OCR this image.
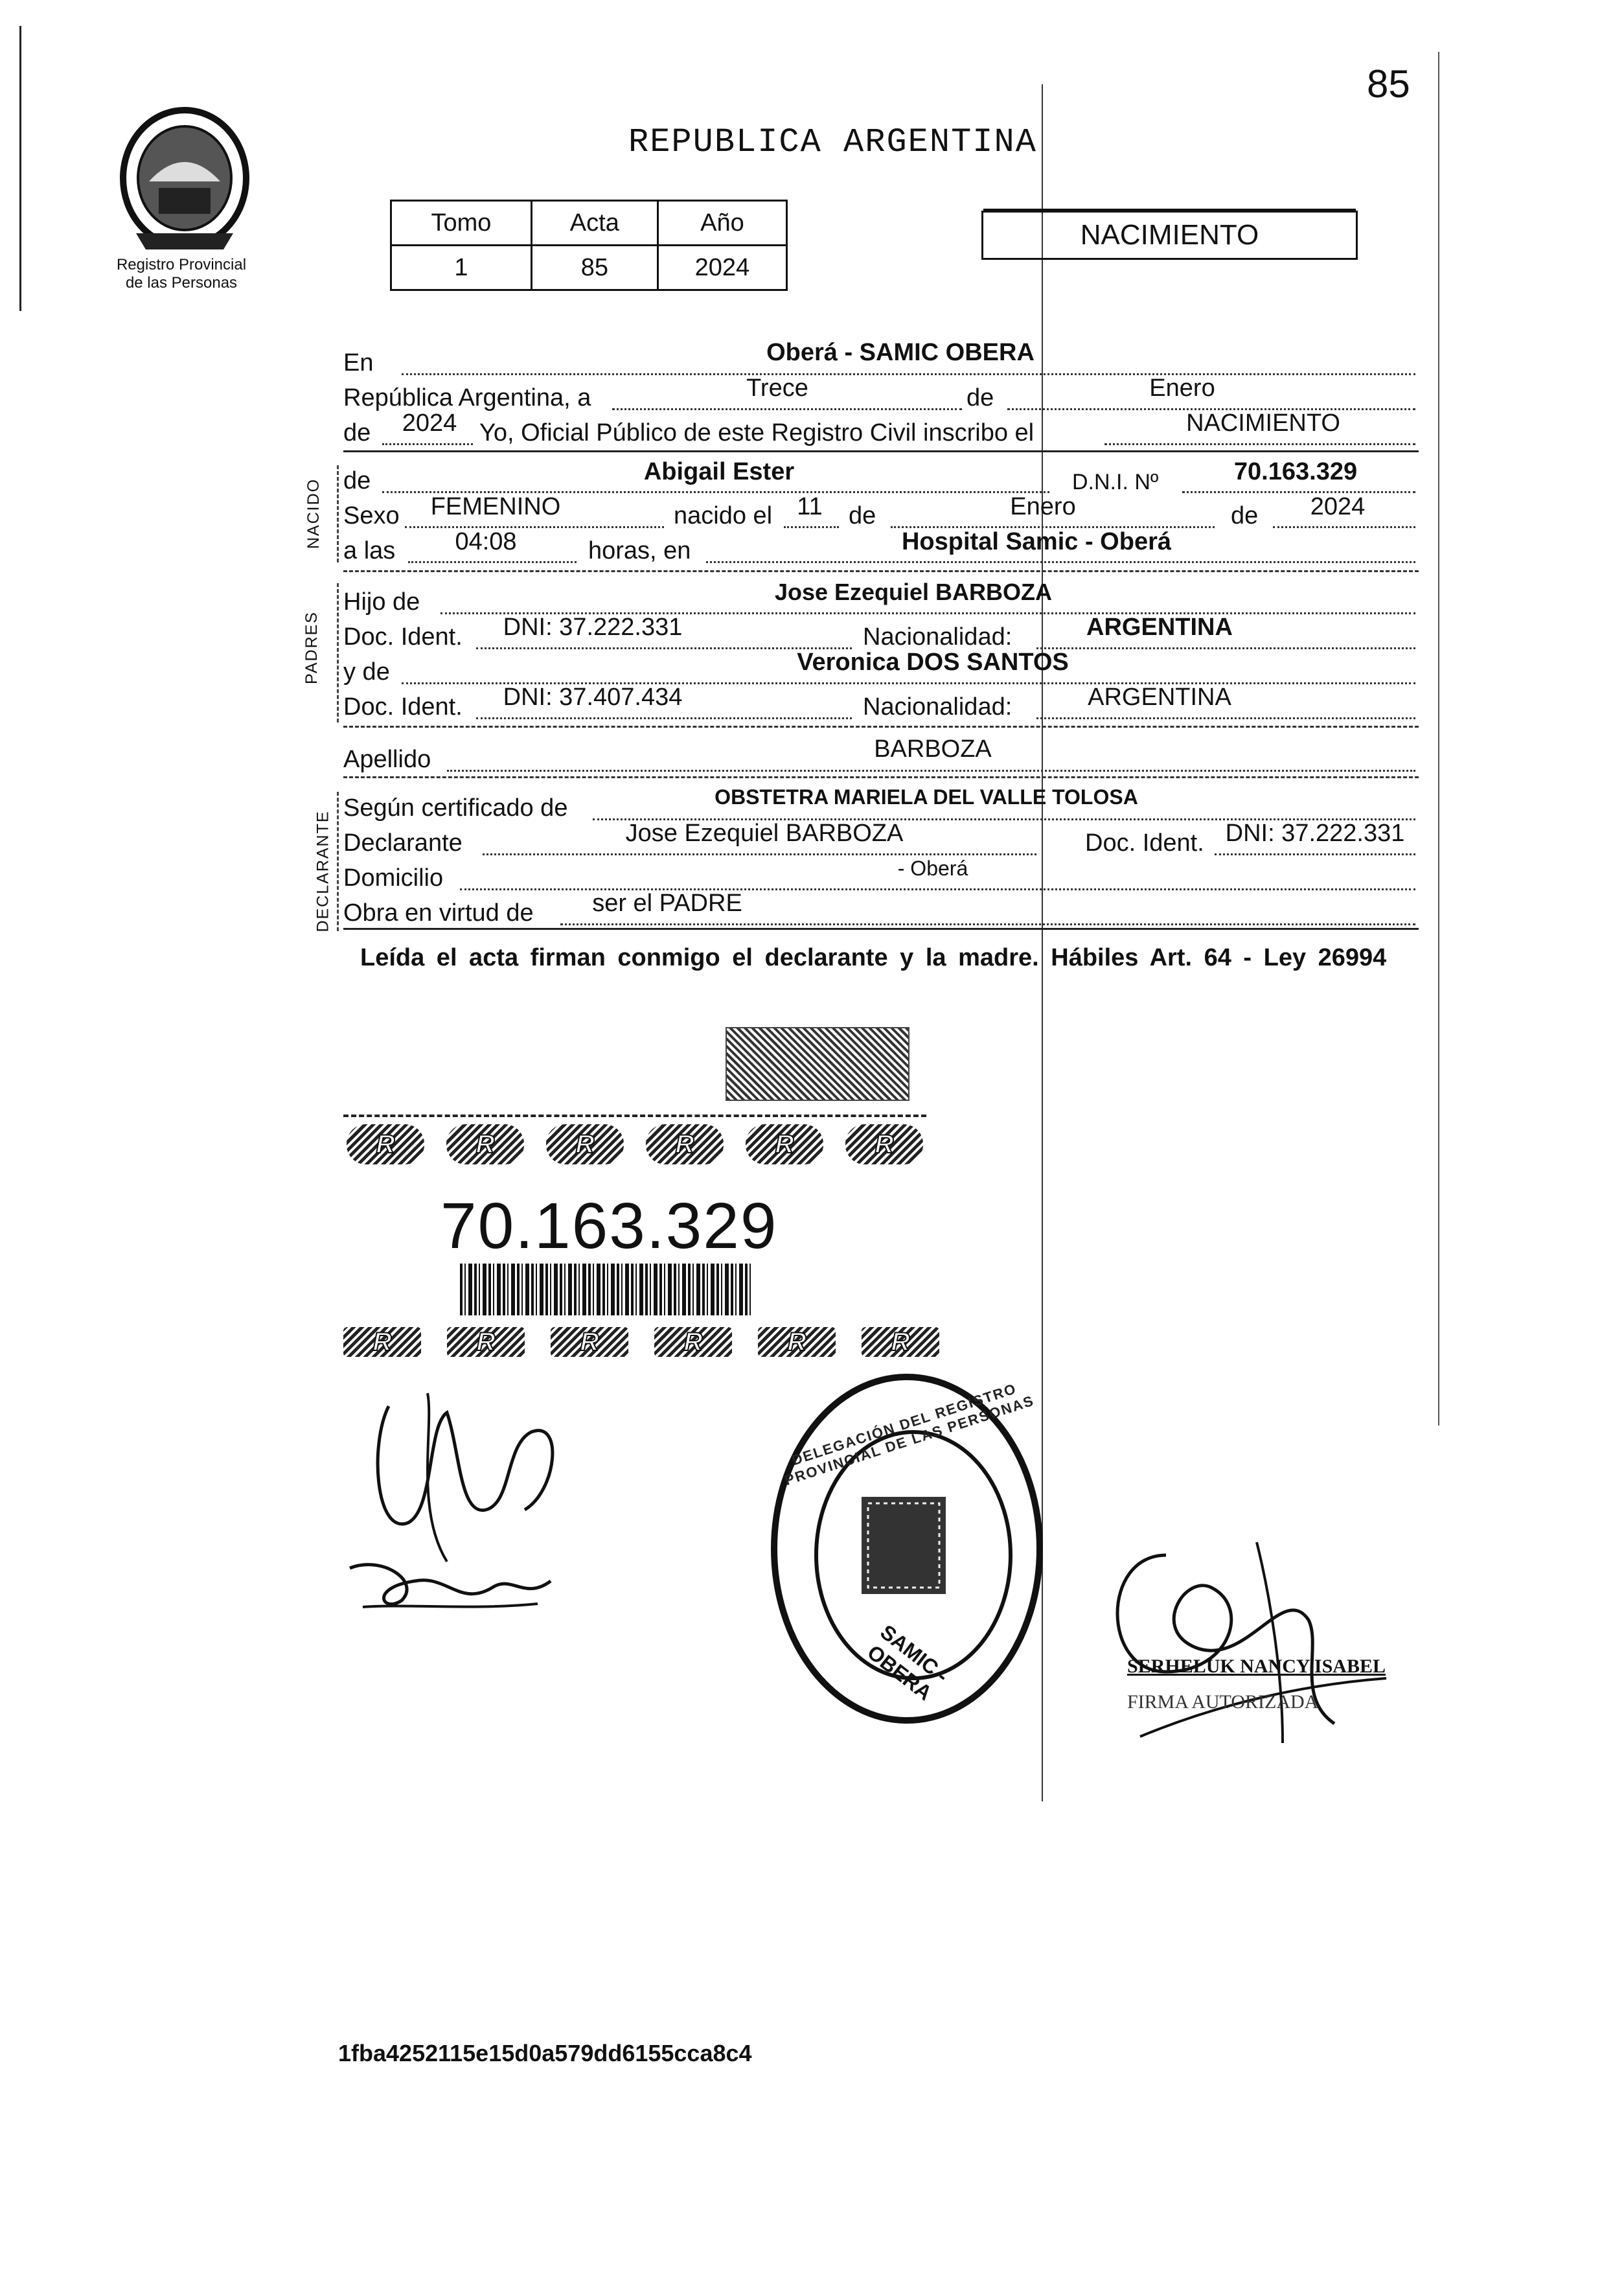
85
Registro Provincial
de las Personas
REPUBLICA ARGENTINA
Tomo	Acta	Año
1	85	2024
NACIMIENTO
NACIDO
PADRES
DECLARANTE
En	Oberá - SAMIC OBERA
República Argentina, a	Trece	de	Enero
de	2024 Yo, Oficial Público de este Registro Civil inscribo el	NACIMIENTO
de	Abigail Ester	D.N.I. Nº	70.163.329
Sexo	FEMENINO	nacido el	11	de	Enero	de	2024
a las	04:08	horas, en	Hospital Samic - Oberá
Hijo de	Jose Ezequiel BARBOZA
Doc. Ident.	DNI: 37.222.331	Nacionalidad:	ARGENTINA
y de	Veronica DOS SANTOS
Doc. Ident.	DNI: 37.407.434	Nacionalidad:	ARGENTINA
Apellido	BARBOZA
Según certificado de	OBSTETRA MARIELA DEL VALLE TOLOSA
Declarante	Jose Ezequiel BARBOZA	Doc. Ident. DNI: 37.222.331
Domicilio	- Oberá
Obra en virtud de	ser el PADRE
Leída el acta firman conmigo el declarante y la madre. Hábiles Art. 64 - Ley 26994
R	R	R	R	R	R
70.163.329
R	R	R	R	R	R
DELEGACIÓN DEL REGISTRO PROVINCIAL DE LAS PERSONAS
SAMIC - OBERA	SERHELUK NANCY ISABEL
FIRMA AUTORIZADA
1fba4252115e15d0a579dd6155cca8c4
